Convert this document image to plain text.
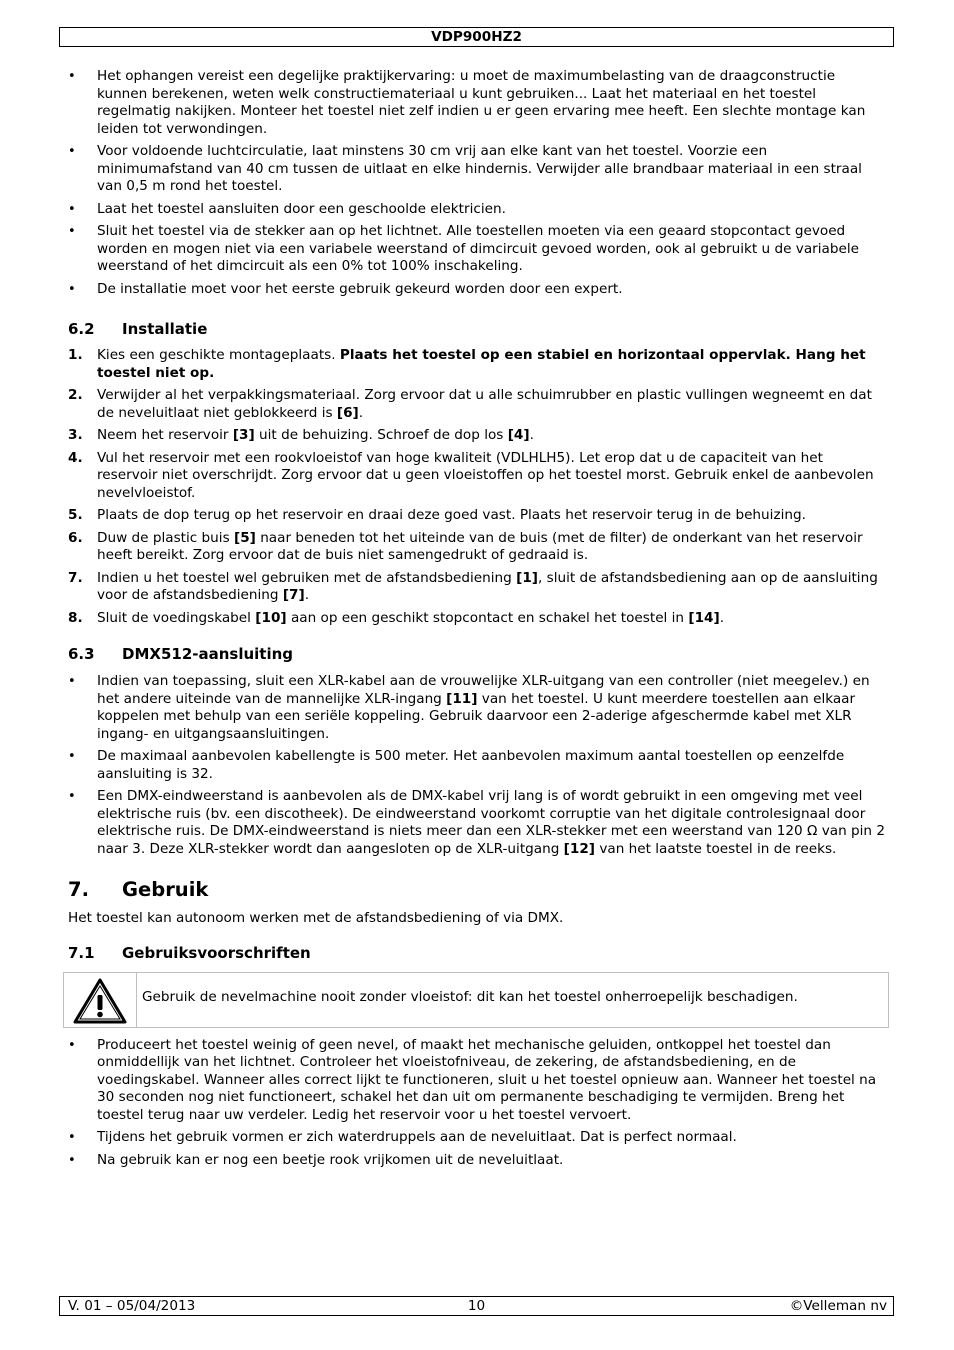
VDP900HZ2
• Het ophangen vereist een degelijke praktijkervaring: u moet de maximumbelasting van de draagconstructie kunnen berekenen, weten welk constructiemateriaal u kunt gebruiken... Laat het materiaal en het toestel regelmatig nakijken. Monteer het toestel niet zelf indien u er geen ervaring mee heeft. Een slechte montage kan leiden tot verwondingen.
• Voor voldoende luchtcirculatie, laat minstens 30 cm vrij aan elke kant van het toestel. Voorzie een minimumafstand van 40 cm tussen de uitlaat en elke hindernis. Verwijder alle brandbaar materiaal in een straal van 0,5 m rond het toestel.
• Laat het toestel aansluiten door een geschoolde elektricien.
• Sluit het toestel via de stekker aan op het lichtnet. Alle toestellen moeten via een geaard stopcontact gevoed worden en mogen niet via een variabele weerstand of dimcircuit gevoed worden, ook al gebruikt u de variabele weerstand of het dimcircuit als een 0% tot 100% inschakeling.
• De installatie moet voor het eerste gebruik gekeurd worden door een expert.
6.2 Installatie
1. Kies een geschikte montageplaats. Plaats het toestel op een stabiel en horizontaal oppervlak. Hang het toestel niet op.
2. Verwijder al het verpakkingsmateriaal. Zorg ervoor dat u alle schuimrubber en plastic vullingen wegneemt en dat de neveluitlaat niet geblokkeerd is [6].
3. Neem het reservoir [3] uit de behuizing. Schroef de dop los [4].
4. Vul het reservoir met een rookvloeistof van hoge kwaliteit (VDLHLH5). Let erop dat u de capaciteit van het reservoir niet overschrijdt. Zorg ervoor dat u geen vloeistoffen op het toestel morst. Gebruik enkel de aanbevolen nevelvloeistof.
5. Plaats de dop terug op het reservoir en draai deze goed vast. Plaats het reservoir terug in de behuizing.
6. Duw de plastic buis [5] naar beneden tot het uiteinde van de buis (met de filter) de onderkant van het reservoir heeft bereikt. Zorg ervoor dat de buis niet samengedrukt of gedraaid is.
7. Indien u het toestel wel gebruiken met de afstandsbediening [1], sluit de afstandsbediening aan op de aansluiting voor de afstandsbediening [7].
8. Sluit de voedingskabel [10] aan op een geschikt stopcontact en schakel het toestel in [14].
6.3 DMX512-aansluiting
• Indien van toepassing, sluit een XLR-kabel aan de vrouwelijke XLR-uitgang van een controller (niet meegelev.) en het andere uiteinde van de mannelijke XLR-ingang [11] van het toestel. U kunt meerdere toestellen aan elkaar koppelen met behulp van een seriële koppeling. Gebruik daarvoor een 2-aderige afgeschermde kabel met XLR ingang- en uitgangsaansluitingen.
• De maximaal aanbevolen kabellengte is 500 meter. Het aanbevolen maximum aantal toestellen op eenzelfde aansluiting is 32.
• Een DMX-eindweerstand is aanbevolen als de DMX-kabel vrij lang is of wordt gebruikt in een omgeving met veel elektrische ruis (bv. een discotheek). De eindweerstand voorkomt corruptie van het digitale controlesignaal door elektrische ruis. De DMX-eindweerstand is niets meer dan een XLR-stekker met een weerstand van 120 Ω van pin 2 naar 3. Deze XLR-stekker wordt dan aangesloten op de XLR-uitgang [12] van het laatste toestel in de reeks.
7. Gebruik

Het toestel kan autonoom werken met de afstandsbediening of via DMX.

7.1 Gebruiksvoorschriften
Gebruik de nevelmachine nooit zonder vloeistof: dit kan het toestel onherroepelijk beschadigen.
• Produceert het toestel weinig of geen nevel, of maakt het mechanische geluiden, ontkoppel het toestel dan onmiddellijk van het lichtnet. Controleer het vloeistofniveau, de zekering, de afstandsbediening, en de voedingskabel. Wanneer alles correct lijkt te functioneren, sluit u het toestel opnieuw aan. Wanneer het toestel na 30 seconden nog niet functioneert, schakel het dan uit om permanente beschadiging te vermijden. Breng het toestel terug naar uw verdeler. Ledig het reservoir voor u het toestel vervoert.
• Tijdens het gebruik vormen er zich waterdruppels aan de neveluitlaat. Dat is perfect normaal.
• Na gebruik kan er nog een beetje rook vrijkomen uit de neveluitlaat.
V. 01 – 05/04/2013	10	©Velleman nv
